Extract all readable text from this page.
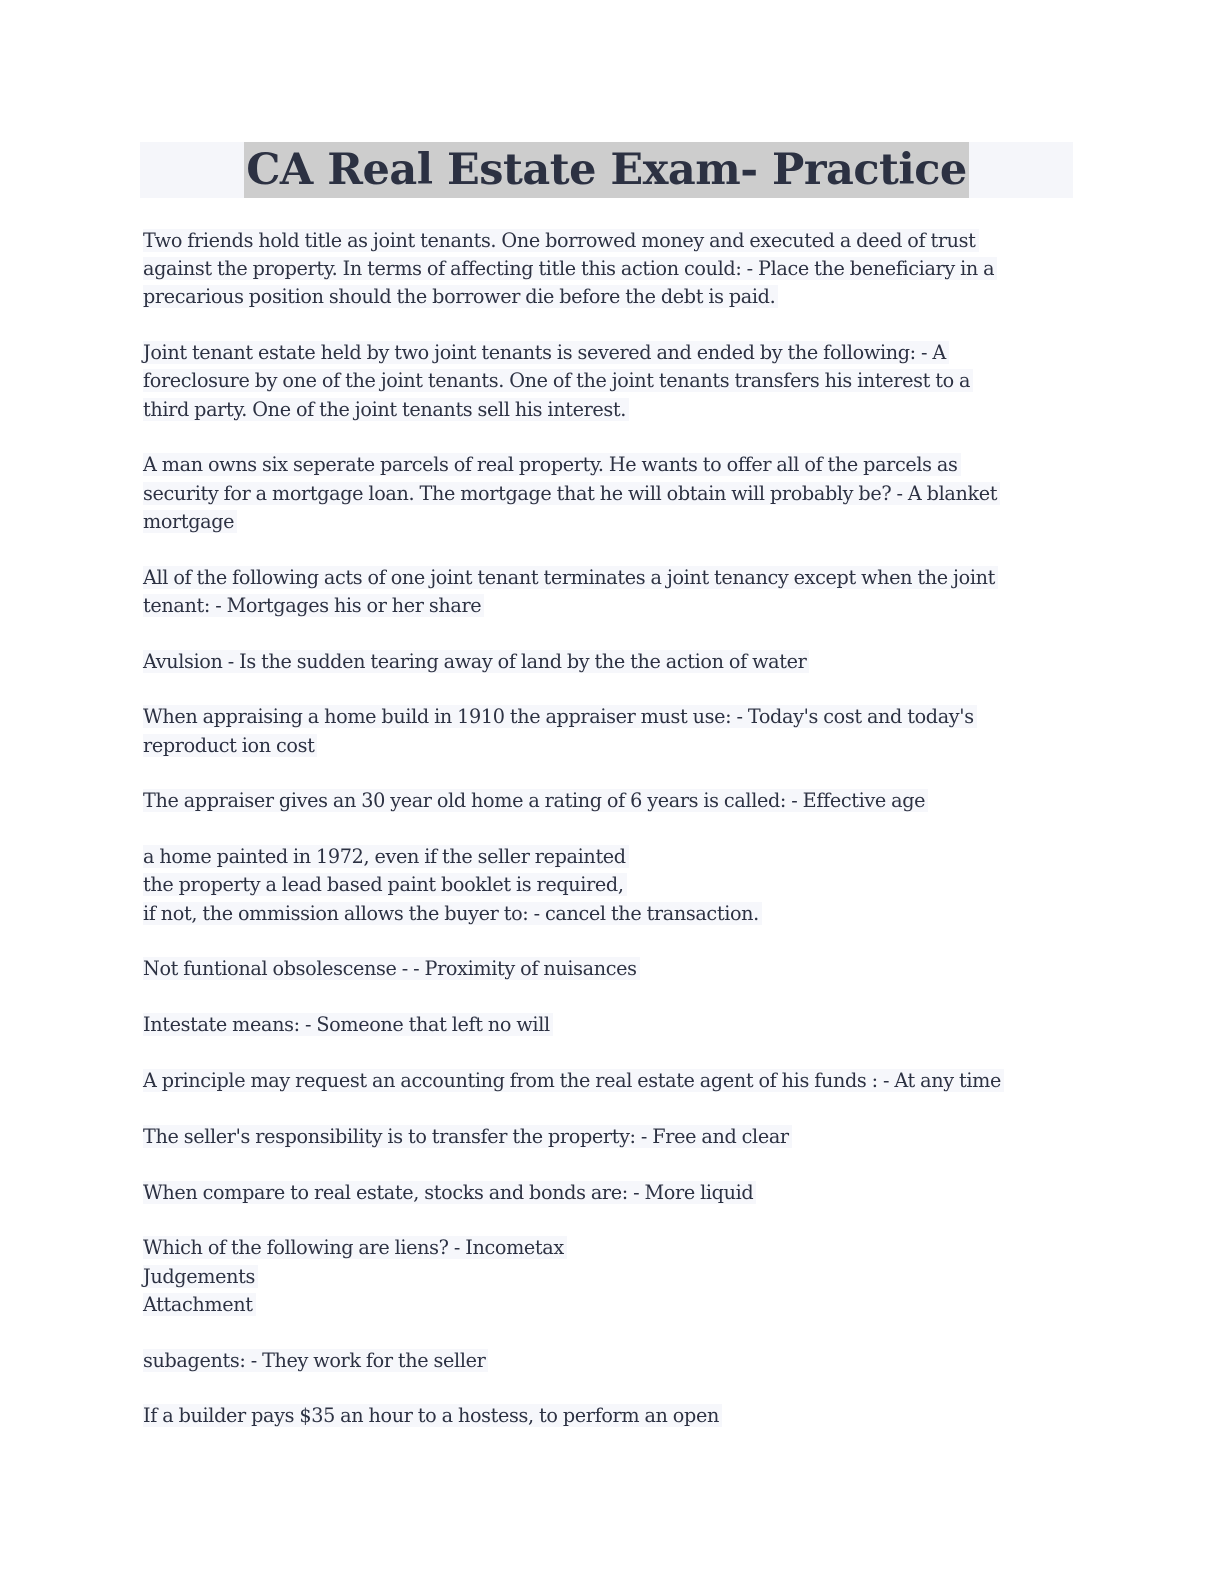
CA Real Estate Exam- Practice
Two friends hold title as joint tenants. One borrowed money and executed a deed of trust
against the property. In terms of affecting title this action could: - Place the beneficiary in a
precarious position should the borrower die before the debt is paid.
Joint tenant estate held by two joint tenants is severed and ended by the following: - A
foreclosure by one of the joint tenants. One of the joint tenants transfers his interest to a
third party. One of the joint tenants sell his interest.
A man owns six seperate parcels of real property. He wants to offer all of the parcels as
security for a mortgage loan. The mortgage that he will obtain will probably be? - A blanket
mortgage
All of the following acts of one joint tenant terminates a joint tenancy except when the joint
tenant: - Mortgages his or her share
Avulsion - Is the sudden tearing away of land by the the action of water
When appraising a home build in 1910 the appraiser must use: - Today's cost and today's
reproduct ion cost
The appraiser gives an 30 year old home a rating of 6 years is called: - Effective age
a home painted in 1972, even if the seller repainted
the property a lead based paint booklet is required,
if not, the ommission allows the buyer to: - cancel the transaction.
Not funtional obsolescense - - Proximity of nuisances
Intestate means: - Someone that left no will
A principle may request an accounting from the real estate agent of his funds : - At any time
The seller's responsibility is to transfer the property: - Free and clear
When compare to real estate, stocks and bonds are: - More liquid
Which of the following are liens? - Incometax
Judgements
Attachment
subagents: - They work for the seller
If a builder pays $35 an hour to a hostess, to perform an open
